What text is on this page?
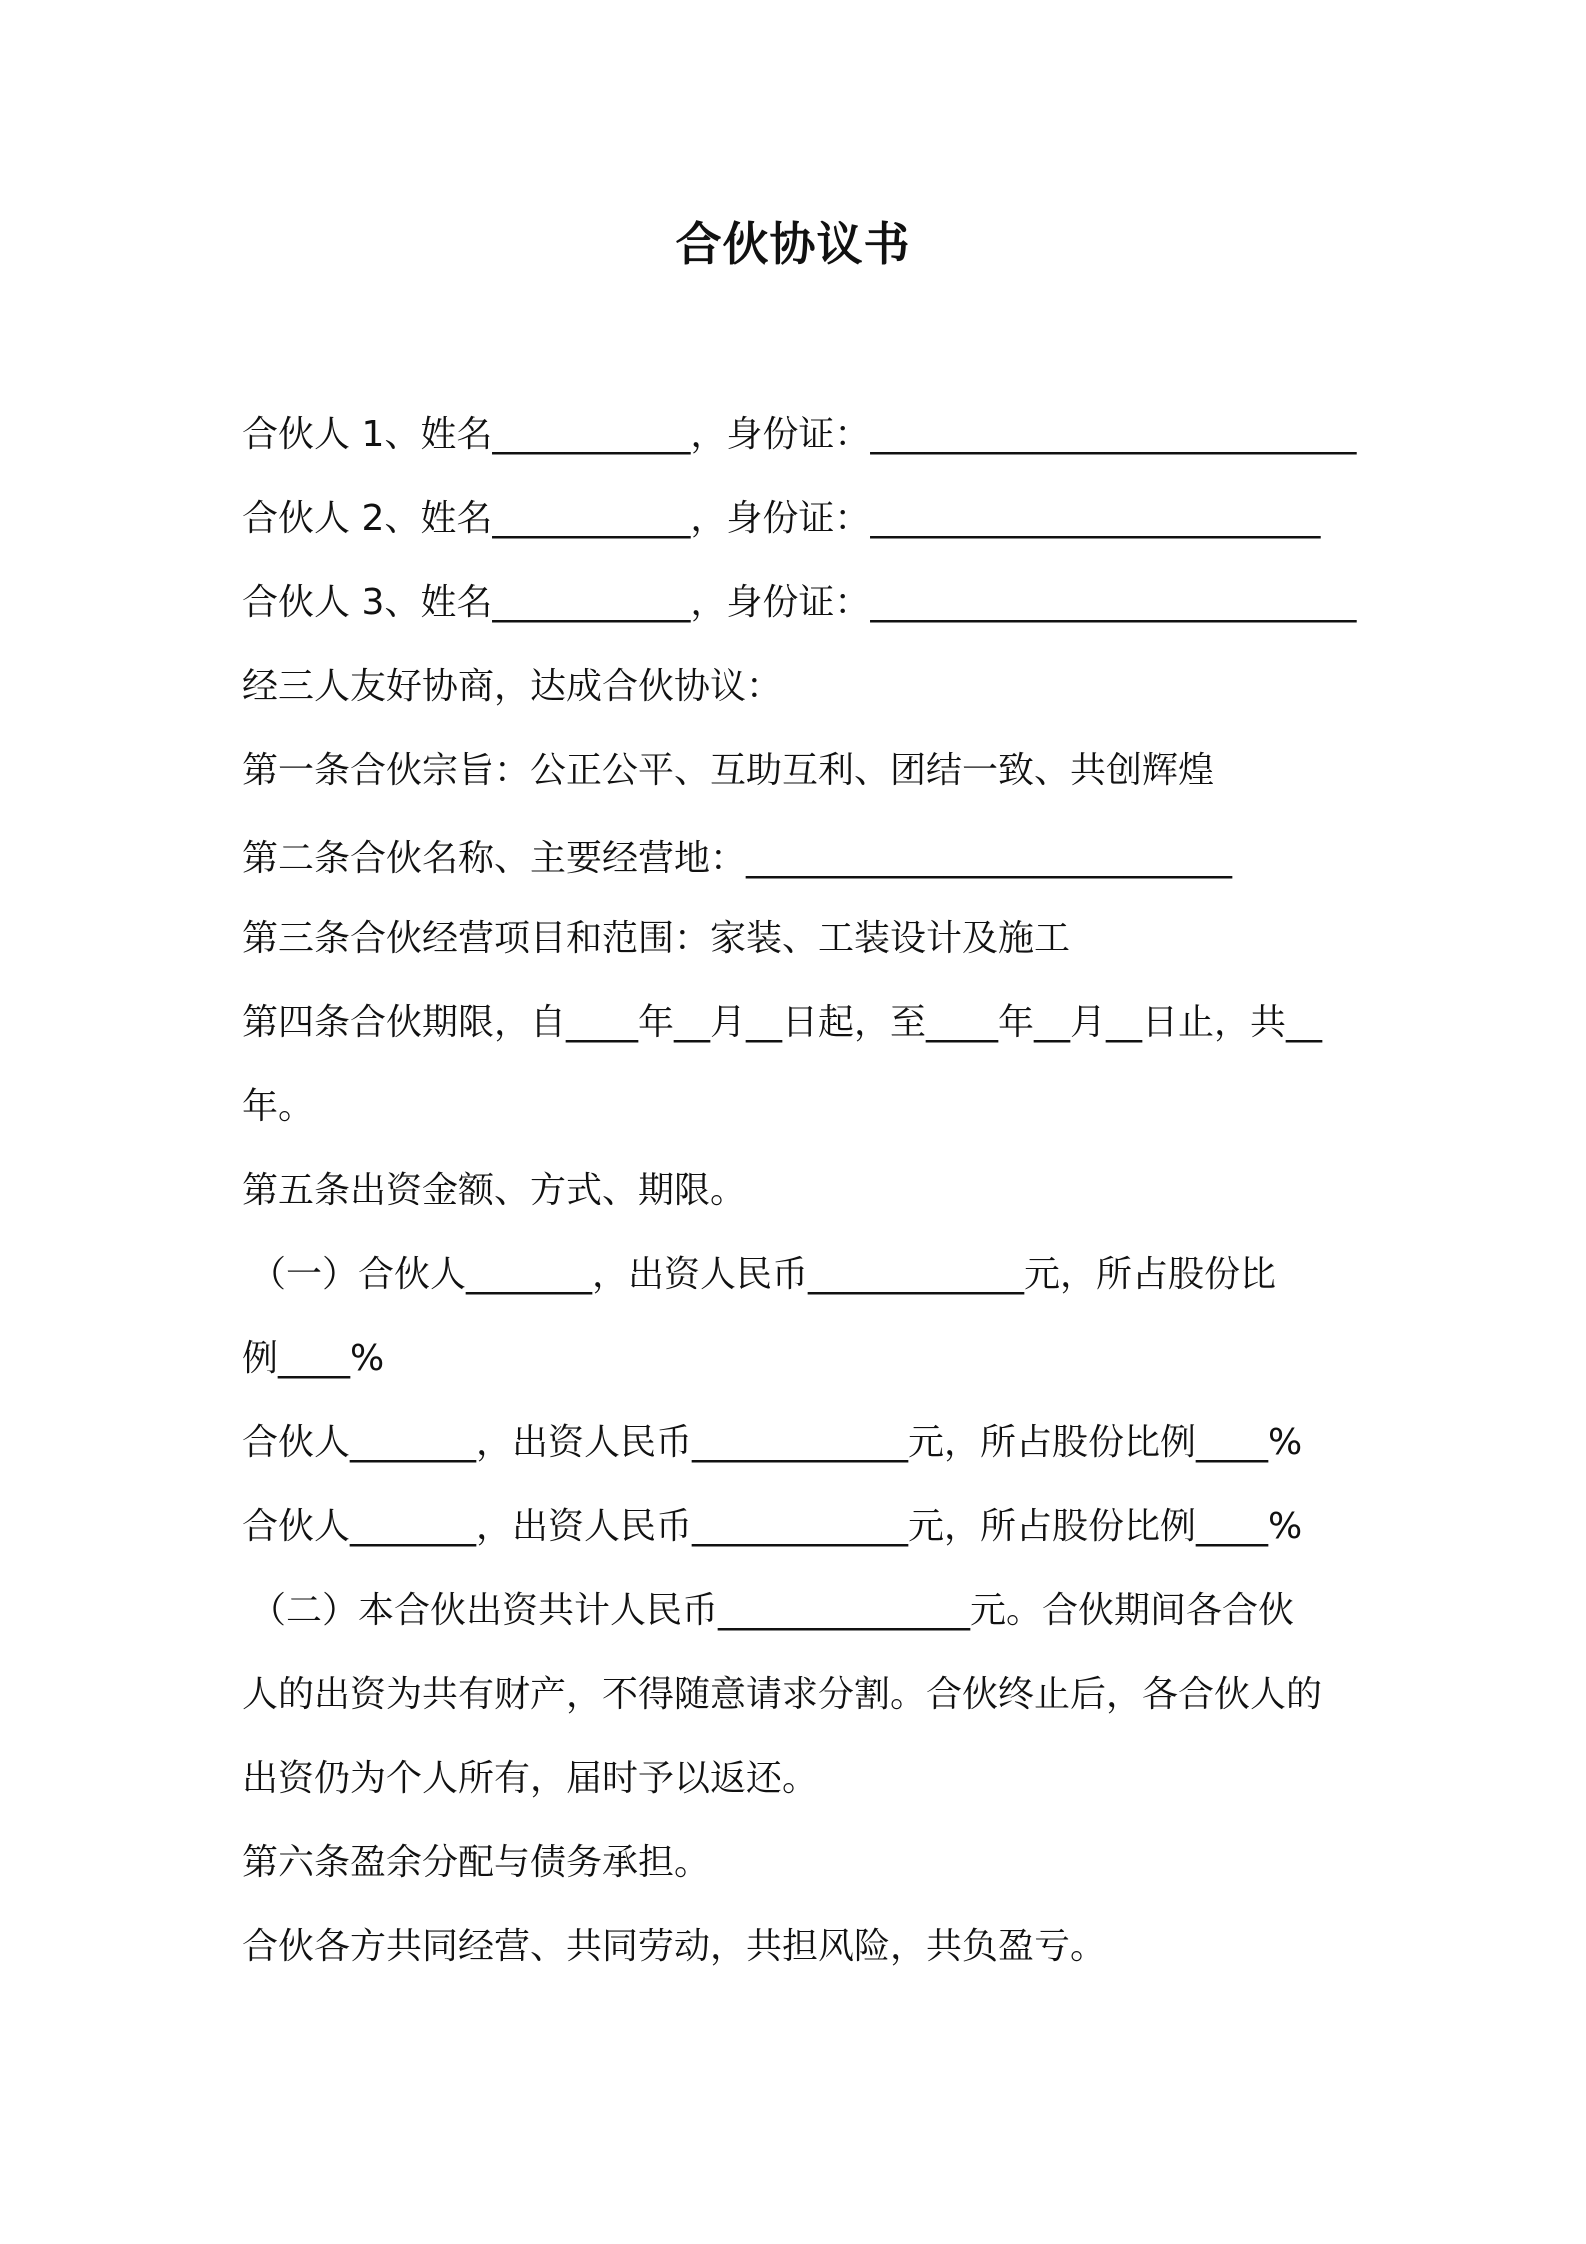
合伙协议书
合伙人 1、姓名___________，身份证：___________________________
合伙人 2、姓名___________，身份证：_________________________
合伙人 3、姓名___________，身份证：___________________________
经三人友好协商，达成合伙协议：
第一条合伙宗旨：公正公平、互助互利、团结一致、共创辉煌
第二条合伙名称、主要经营地：___________________________
第三条合伙经营项目和范围：家装、工装设计及施工
第四条合伙期限，自____年__月__日起，至____年__月__日止，共__
年。
第五条出资金额、方式、期限。
（一）合伙人_______，出资人民币____________元，所占股份比
例____%
合伙人_______，出资人民币____________元，所占股份比例____%
合伙人_______，出资人民币____________元，所占股份比例____%
（二）本合伙出资共计人民币______________元。合伙期间各合伙
人的出资为共有财产，不得随意请求分割。合伙终止后，各合伙人的
出资仍为个人所有，届时予以返还。
第六条盈余分配与债务承担。
合伙各方共同经营、共同劳动，共担风险，共负盈亏。
